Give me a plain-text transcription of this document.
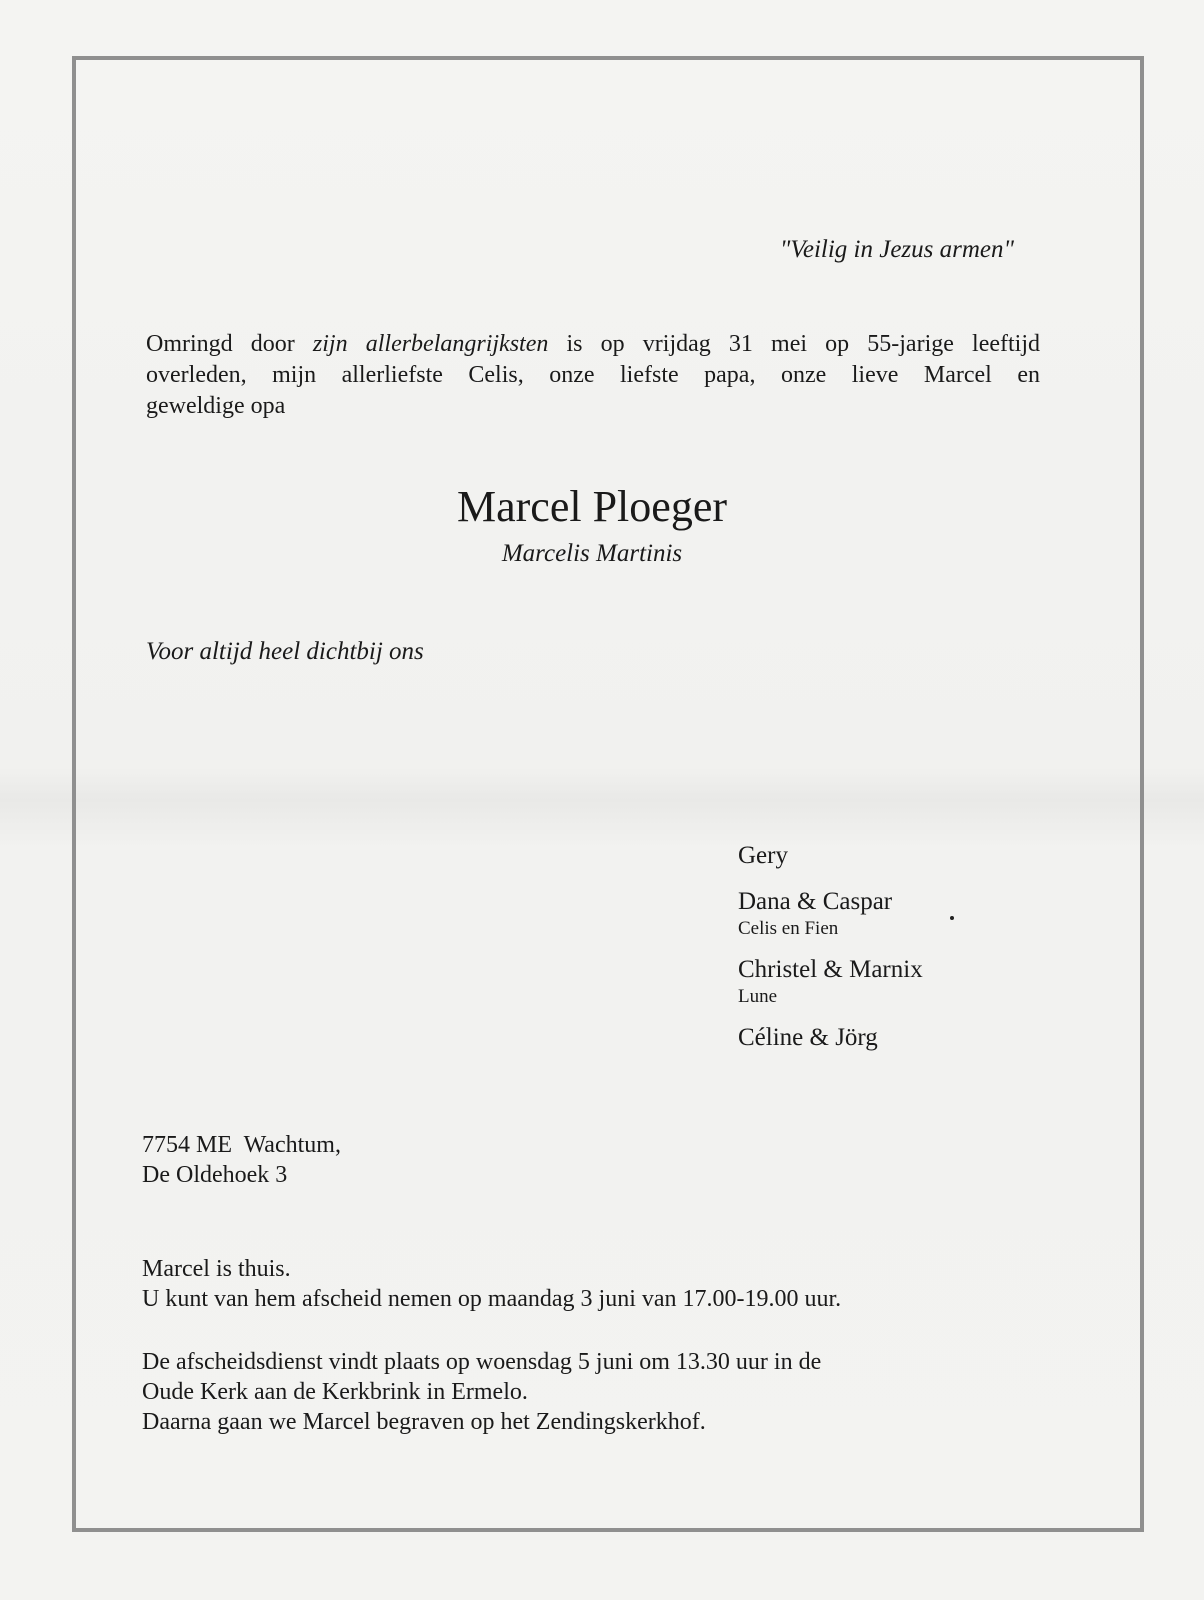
"Veilig in Jezus armen"
Omringd door zijn allerbelangrijksten is op vrijdag 31 mei op 55-jarige leeftijd
overleden, mijn allerliefste Celis, onze liefste papa, onze lieve Marcel en
geweldige opa
Marcel Ploeger
Marcelis Martinis
Voor altijd heel dichtbij ons
Gery
Dana & Caspar
Celis en Fien
Christel & Marnix
Lune
Céline & Jörg
7754 ME  Wachtum,
De Oldehoek 3
Marcel is thuis.
U kunt van hem afscheid nemen op maandag 3 juni van 17.00-19.00 uur.
De afscheidsdienst vindt plaats op woensdag 5 juni om 13.30 uur in de
Oude Kerk aan de Kerkbrink in Ermelo.
Daarna gaan we Marcel begraven op het Zendingskerkhof.
